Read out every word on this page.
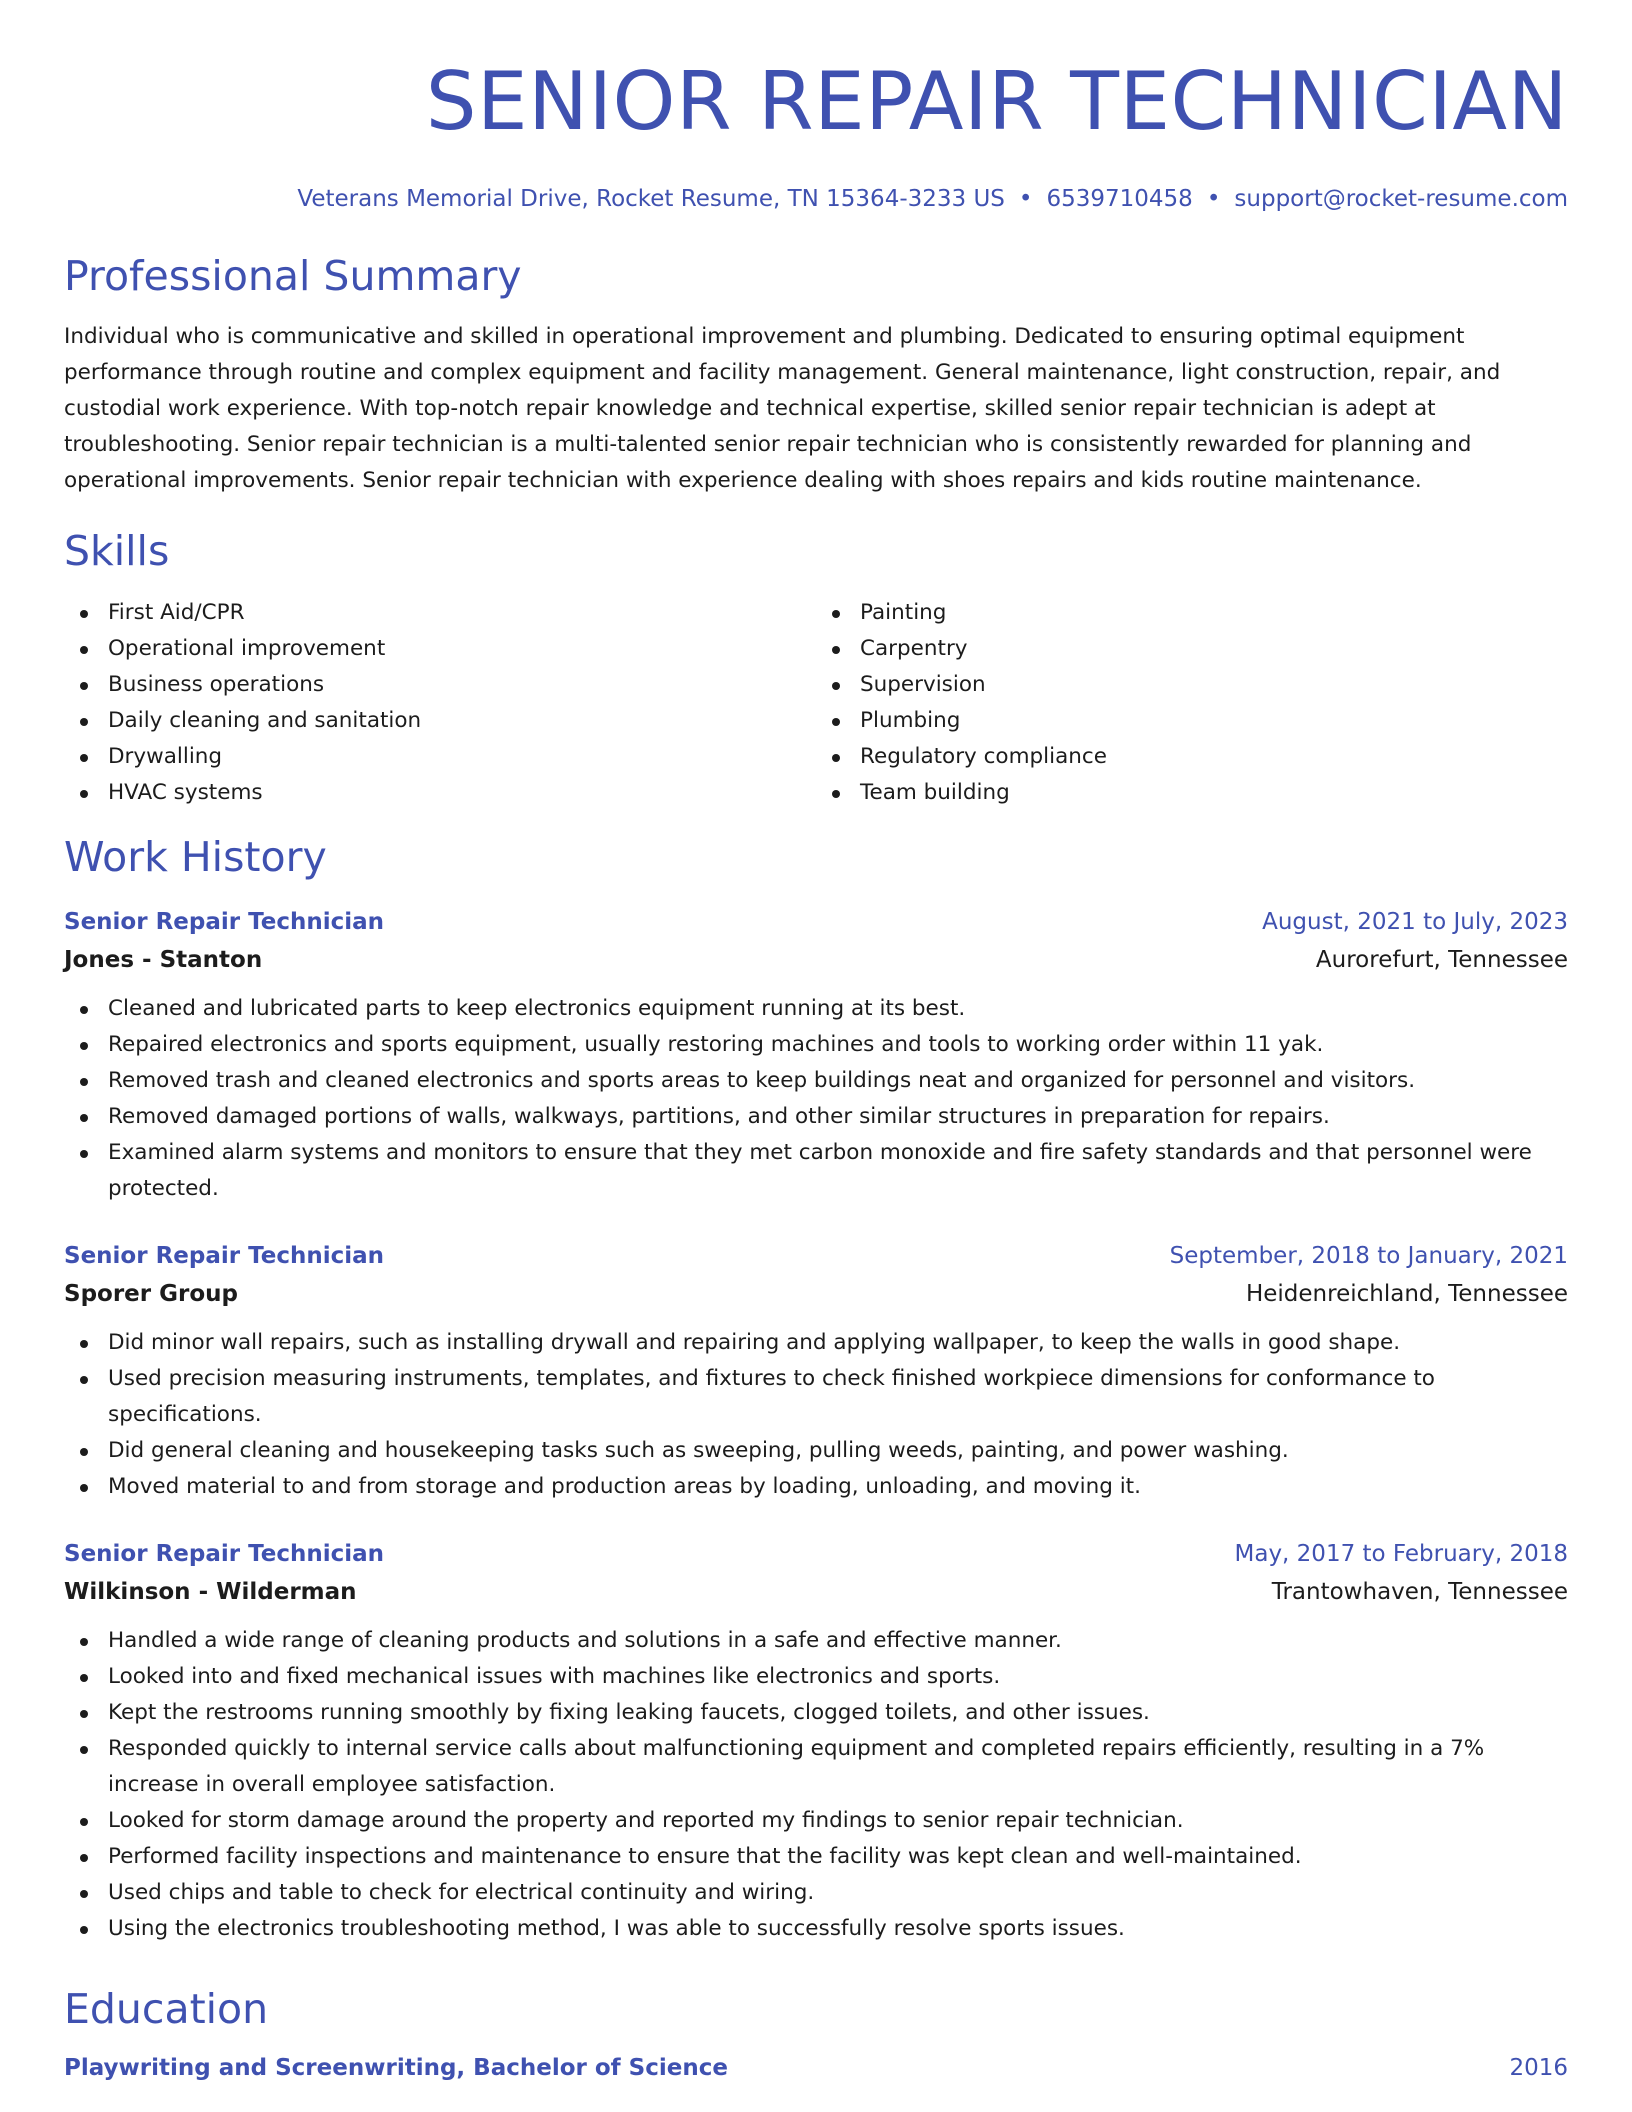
SENIOR REPAIR TECHNICIAN
Veterans Memorial Drive, Rocket Resume, TN 15364-3233 US • 6539710458 • support@rocket-resume.com
Professional Summary
Individual who is communicative and skilled in operational improvement and plumbing. Dedicated to ensuring optimal equipment performance through routine and complex equipment and facility management. General maintenance, light construction, repair, and custodial work experience. With top-notch repair knowledge and technical expertise, skilled senior repair technician is adept at troubleshooting. Senior repair technician is a multi-talented senior repair technician who is consistently rewarded for planning and operational improvements. Senior repair technician with experience dealing with shoes repairs and kids routine maintenance.
Skills
First Aid/CPR
Operational improvement
Business operations
Daily cleaning and sanitation
Drywalling
HVAC systems
Painting
Carpentry
Supervision
Plumbing
Regulatory compliance
Team building
Work History
Senior Repair Technician	August, 2021 to July, 2023
Jones - Stanton	Aurorefurt, Tennessee
Cleaned and lubricated parts to keep electronics equipment running at its best.
Repaired electronics and sports equipment, usually restoring machines and tools to working order within 11 yak.
Removed trash and cleaned electronics and sports areas to keep buildings neat and organized for personnel and visitors.
Removed damaged portions of walls, walkways, partitions, and other similar structures in preparation for repairs.
Examined alarm systems and monitors to ensure that they met carbon monoxide and fire safety standards and that personnel were protected.
Senior Repair Technician	September, 2018 to January, 2021
Sporer Group	Heidenreichland, Tennessee
Did minor wall repairs, such as installing drywall and repairing and applying wallpaper, to keep the walls in good shape.
Used precision measuring instruments, templates, and fixtures to check finished workpiece dimensions for conformance to specifications.
Did general cleaning and housekeeping tasks such as sweeping, pulling weeds, painting, and power washing.
Moved material to and from storage and production areas by loading, unloading, and moving it.
Senior Repair Technician	May, 2017 to February, 2018
Wilkinson - Wilderman	Trantowhaven, Tennessee
Handled a wide range of cleaning products and solutions in a safe and effective manner.
Looked into and fixed mechanical issues with machines like electronics and sports.
Kept the restrooms running smoothly by fixing leaking faucets, clogged toilets, and other issues.
Responded quickly to internal service calls about malfunctioning equipment and completed repairs efficiently, resulting in a 7% increase in overall employee satisfaction.
Looked for storm damage around the property and reported my findings to senior repair technician.
Performed facility inspections and maintenance to ensure that the facility was kept clean and well-maintained.
Used chips and table to check for electrical continuity and wiring.
Using the electronics troubleshooting method, I was able to successfully resolve sports issues.
Education
Playwriting and Screenwriting, Bachelor of Science	2016
